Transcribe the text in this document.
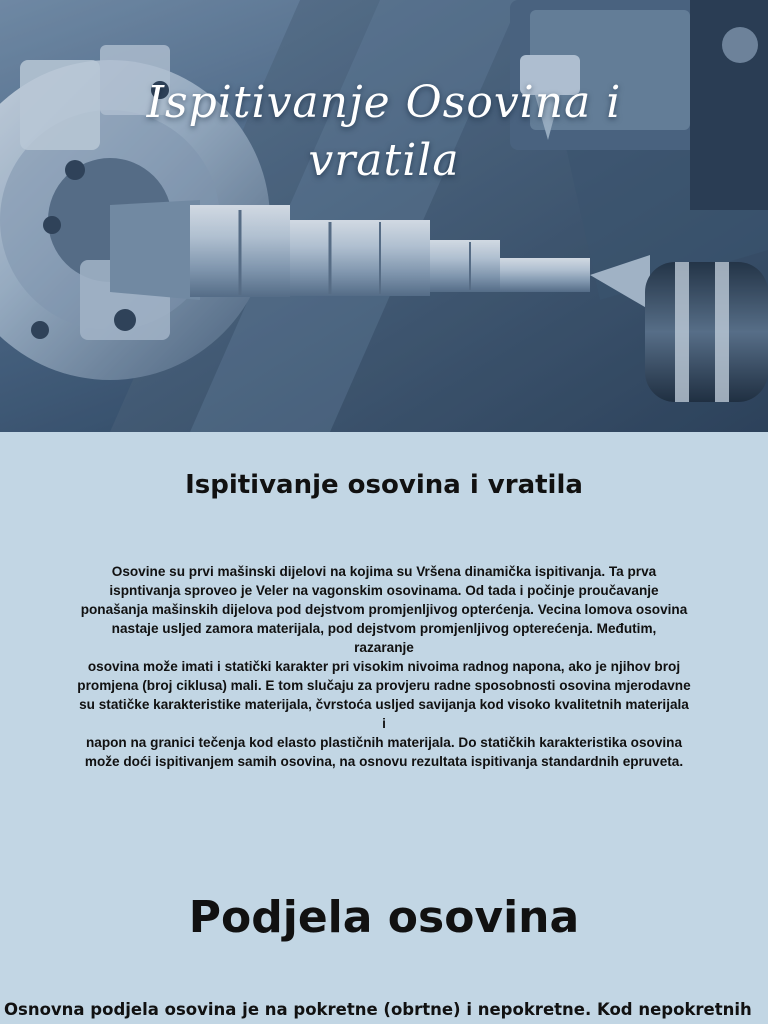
Ispitivanje Osovina i
vratila
Ispitivanje osovina i vratila

Osovine su prvi mašinski dijelovi na kojima su Vršena dinamička ispitivanja. Ta prva

ispntivanja sproveo je Veler na vagonskim osovinama. Od tada i počinje proučavanje

ponašanja mašinskih dijelova pod dejstvom promjenljivog opterćenja. Vecina lomova osovina

nastaje usljed zamora materijala, pod dejstvom promjenljivog opterećenja. Međutim,

razaranje

osovina može imati i statički karakter pri visokim nivoima radnog napona, ako je njihov broj

promjena (broj ciklusa) mali. E tom slučaju za provjeru radne sposobnosti osovina mjerodavne

su statičke karakteristike materijala, čvrstoća usljed savijanja kod visoko kvalitetnih materijala

i

napon na granici tečenja kod elasto plastičnih materijala. Do statičkih karakteristika osovina

može doći ispitivanjem samih osovina, na osnovu rezultata ispitivanja standardnih epruveta.

Podjela osovina
Osnovna podjela osovina je na pokretne (obrtne) i nepokretne. Kod nepokretnih
